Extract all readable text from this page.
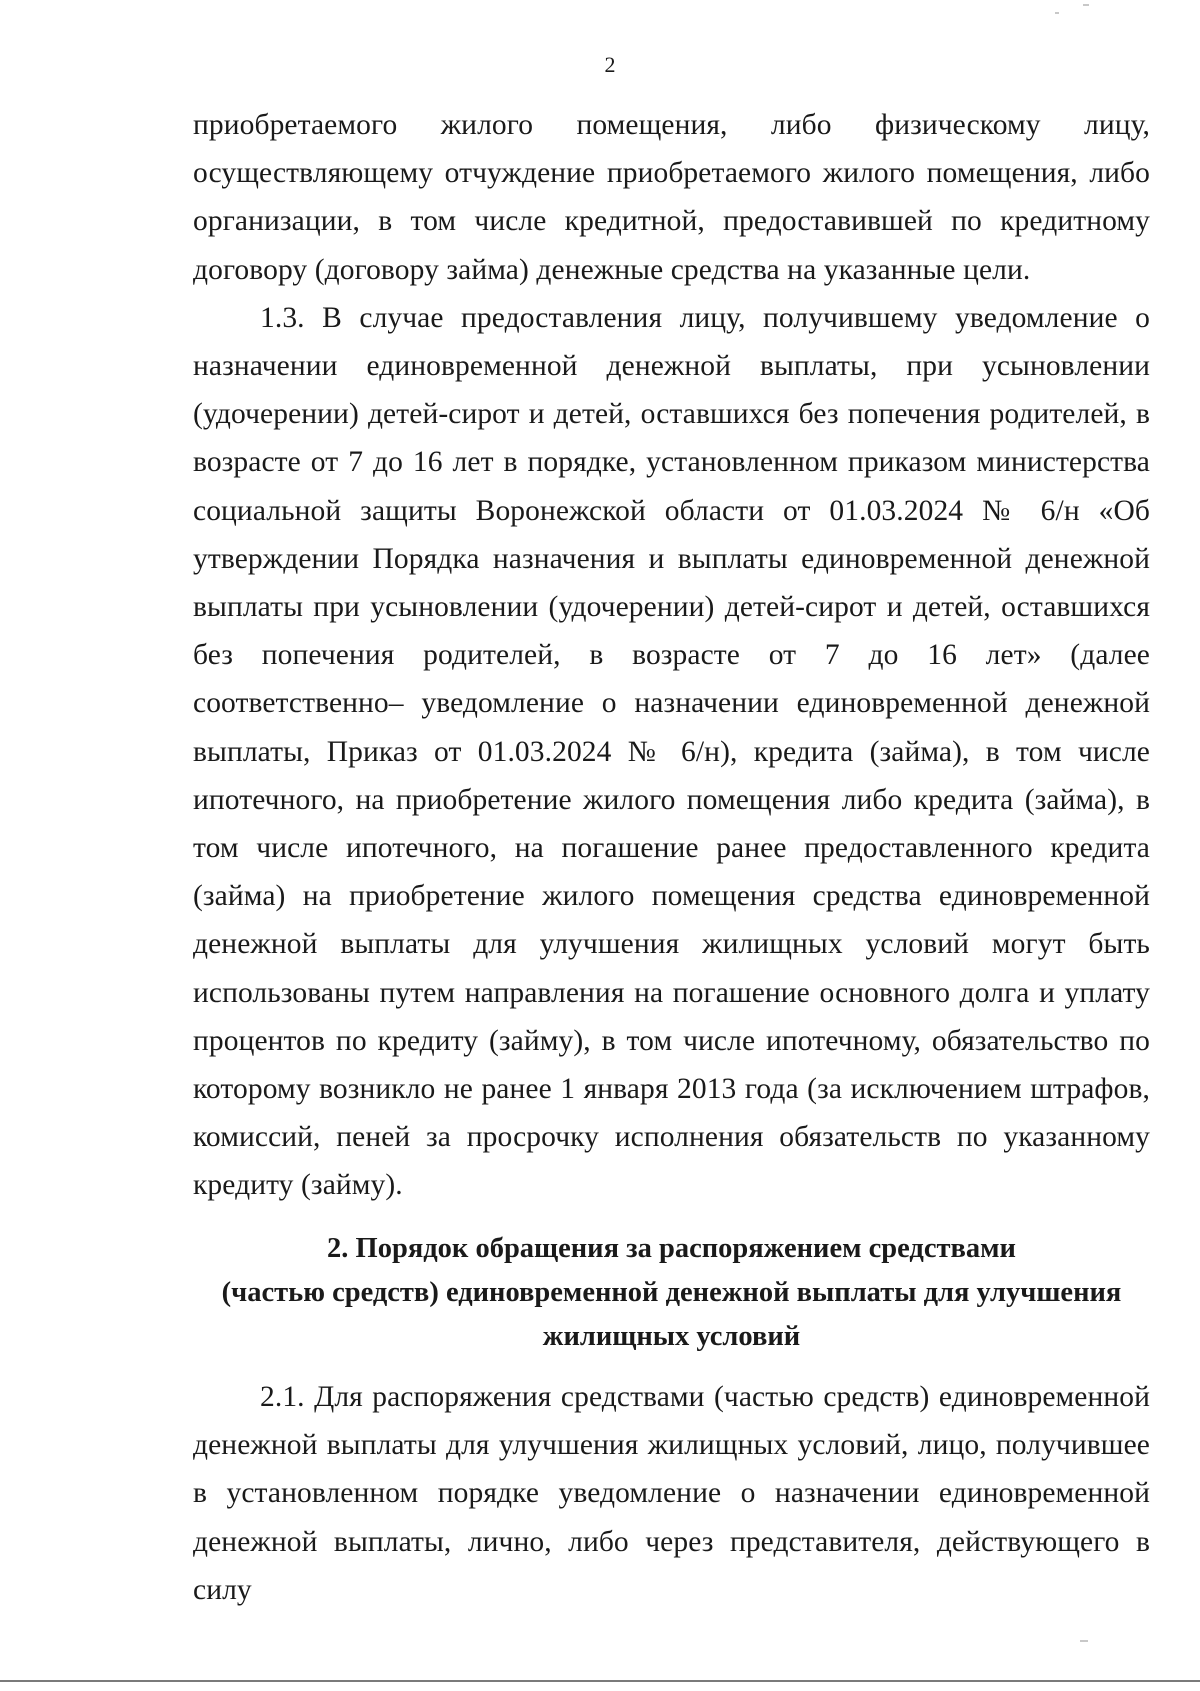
2

приобретаемого жилого помещения, либо физическому лицу, осуществляющему отчуждение приобретаемого жилого помещения, либо организации, в том числе кредитной, предоставившей по кредитному договору (договору займа) денежные средства на указанные цели.

1.3. В случае предоставления лицу, получившему уведомление о назначении единовременной денежной выплаты, при усыновлении (удочерении) детей-сирот и детей, оставшихся без попечения родителей, в возрасте от 7 до 16 лет в порядке, установленном приказом министерства социальной защиты Воронежской области от 01.03.2024 № 6/н «Об утверждении Порядка назначения и выплаты единовременной денежной выплаты при усыновлении (удочерении) детей-сирот и детей, оставшихся без попечения родителей, в возрасте от 7 до 16 лет» (далее соответственно– уведомление о назначении единовременной денежной выплаты, Приказ от 01.03.2024 № 6/н), кредита (займа), в том числе ипотечного, на приобретение жилого помещения либо кредита (займа), в том числе ипотечного, на погашение ранее предоставленного кредита (займа) на приобретение жилого помещения средства единовременной денежной выплаты для улучшения жилищных условий могут быть использованы путем направления на погашение основного долга и уплату процентов по кредиту (займу), в том числе ипотечному, обязательство по которому возникло не ранее 1 января 2013 года (за исключением штрафов, комиссий, пеней за просрочку исполнения обязательств по указанному кредиту (займу).

2. Порядок обращения за распоряжением средствами
(частью средств) единовременной денежной выплаты для улучшения
жилищных условий

2.1. Для распоряжения средствами (частью средств) единовременной денежной выплаты для улучшения жилищных условий, лицо, получившее в установленном порядке уведомление о назначении единовременной денежной выплаты, лично, либо через представителя, действующего в силу
